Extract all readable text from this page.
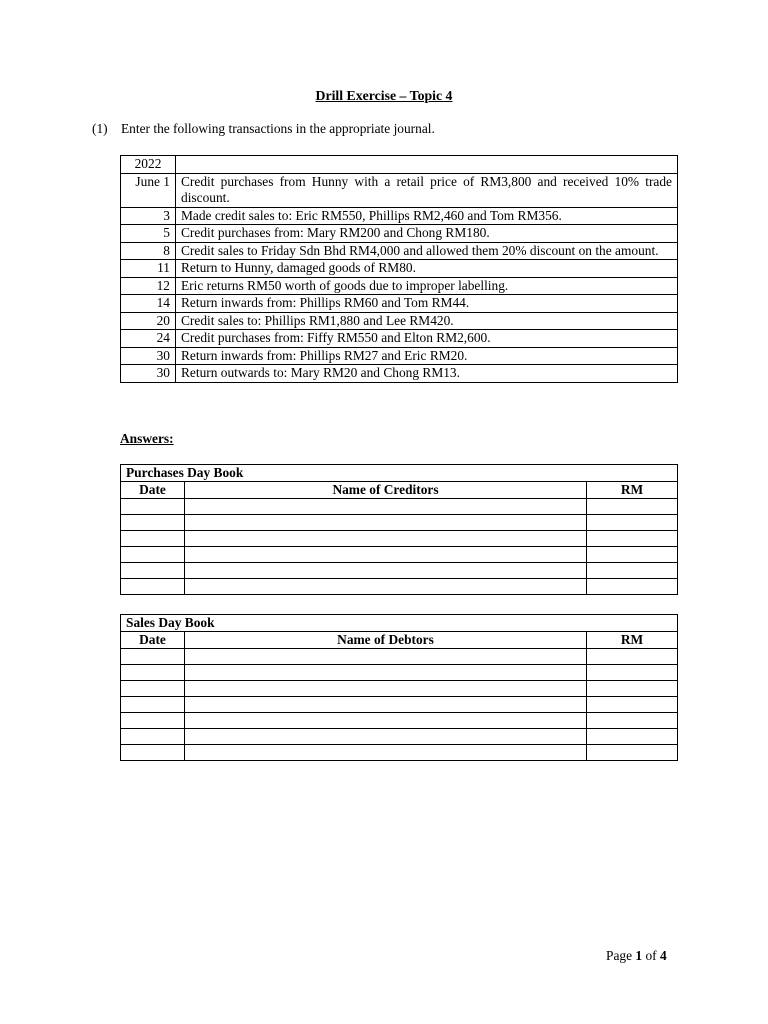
Drill Exercise – Topic 4
(1) Enter the following transactions in the appropriate journal.
2022	
June 1	Credit purchases from Hunny with a retail price of RM3,800 and received 10% trade discount.
3	Made credit sales to: Eric RM550, Phillips RM2,460 and Tom RM356.
5	Credit purchases from: Mary RM200 and Chong RM180.
8	Credit sales to Friday Sdn Bhd RM4,000 and allowed them 20% discount on the amount.
11	Return to Hunny, damaged goods of RM80.
12	Eric returns RM50 worth of goods due to improper labelling.
14	Return inwards from: Phillips RM60 and Tom RM44.
20	Credit sales to: Phillips RM1,880 and Lee RM420.
24	Credit purchases from: Fiffy RM550 and Elton RM2,600.
30	Return inwards from: Phillips RM27 and Eric RM20.
30	Return outwards to: Mary RM20 and Chong RM13.
Answers:
Purchases Day Book		
Date	Name of Creditors	RM

Sales Day Book		
Date	Name of Debtors	RM

Page 1 of 4
